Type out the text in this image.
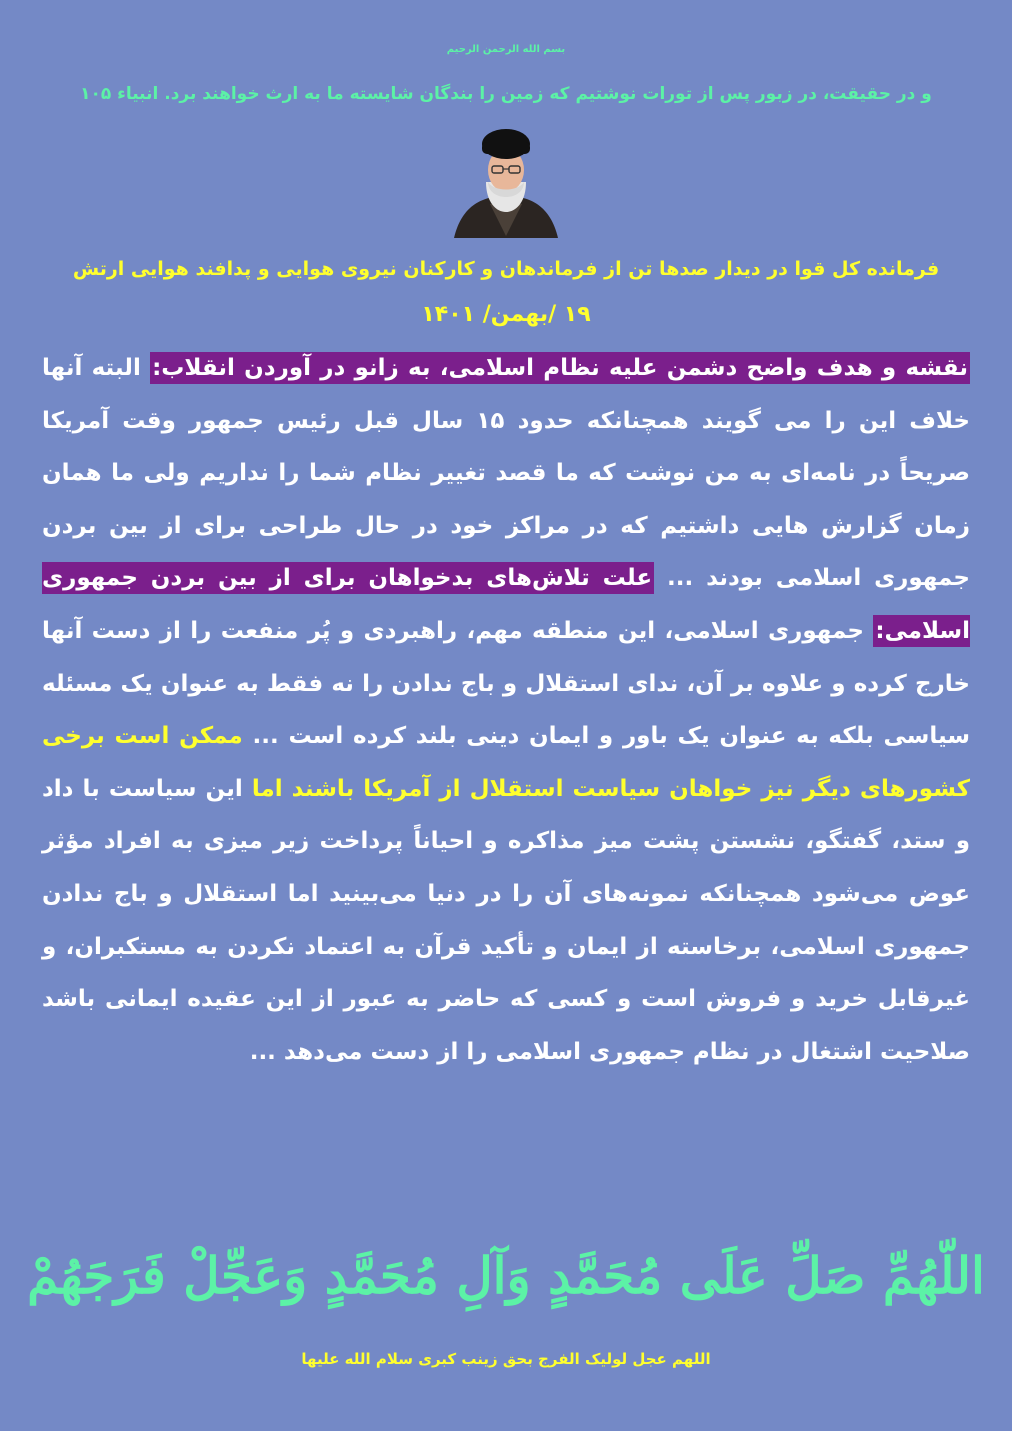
بسم الله الرحمن الرحيم
و در حقیقت، در زبور پس از تورات نوشتیم که زمین را بندگان شایسته ما به ارث خواهند برد. انبیاء ۱۰۵
فرمانده کل قوا در دیدار صدها تن از فرماندهان و کارکنان نیروی هوایی و پدافند هوایی ارتش
۱۹ /بهمن/ ۱۴۰۱
نقشه و هدف واضح دشمن علیه نظام اسلامی، به زانو در آوردن انقلاب: البته آنها خلاف این را می گویند همچنانکه حدود ۱۵ سال قبل رئیس جمهور وقت آمریکا صریحاً در نامه‌ای به من نوشت که ما قصد تغییر نظام شما را نداریم ولی ما همان زمان گزارش هایی داشتیم که در مراکز خود در حال طراحی برای از بین بردن جمهوری اسلامی بودند ... علت تلاش‌های بدخواهان برای از بین بردن جمهوری اسلامی: جمهوری اسلامی، این منطقه مهم، راهبردی و پُر منفعت را از دست آنها خارج کرده و علاوه بر آن، ندای استقلال و باج ندادن را نه فقط به عنوان یک مسئله سیاسی بلکه به عنوان یک باور و ایمان دینی بلند کرده است ... ممکن است برخی کشورهای دیگر نیز خواهان سیاست استقلال از آمریکا باشند اما این سیاست با داد و ستد، گفتگو، نشستن پشت میز مذاکره و احیاناً پرداخت زیر میزی به افراد مؤثر عوض می‌شود همچنانکه نمونه‌های آن را در دنیا می‌بینید اما استقلال و باج ندادن جمهوری اسلامی، برخاسته از ایمان و تأکید قرآن به اعتماد نکردن به مستکبران، و غیرقابل خرید و فروش است و کسی که حاضر به عبور از این عقیده ایمانی باشد صلاحیت اشتغال در نظام جمهوری اسلامی را از دست می‌دهد ...
اللّهُمِّ صَلِّ عَلَی مُحَمَّدٍ وَآلِ مُحَمَّدٍ وَعَجِّلْ فَرَجَهُمْ
اللهم عجل لولیک الفرج بحق زینب کبری سلام الله علیها
